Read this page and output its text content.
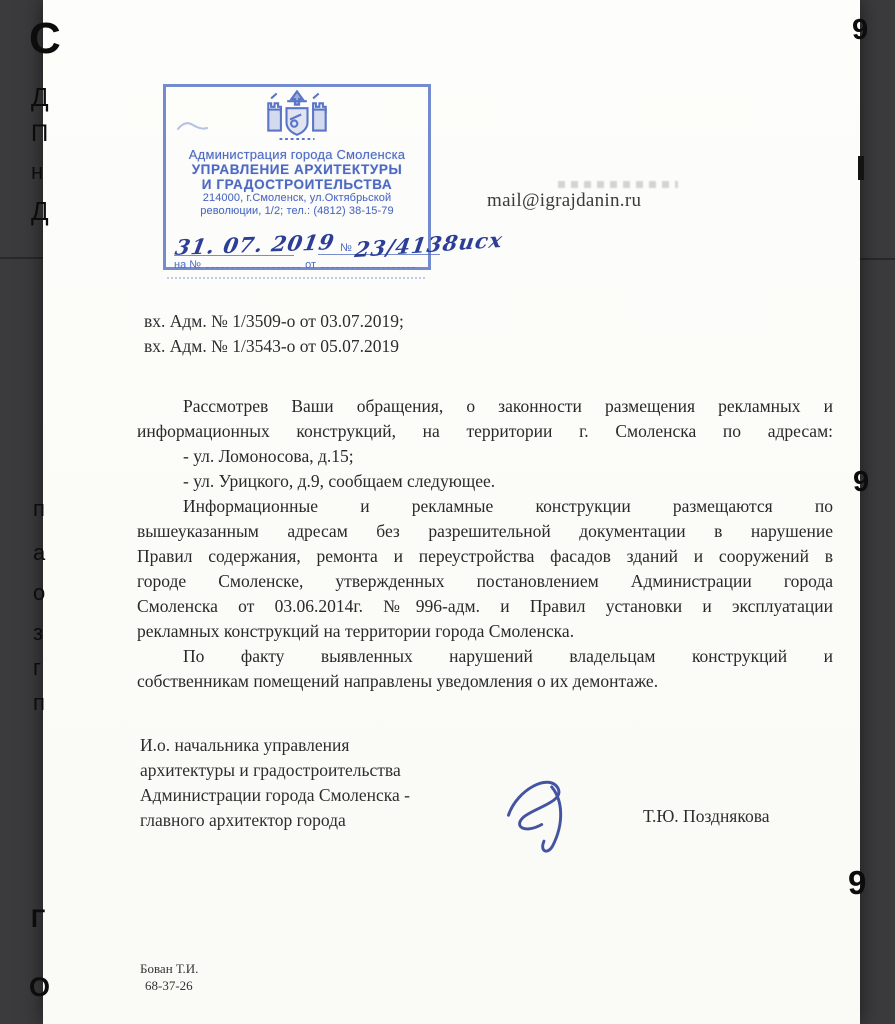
С
Д
П
н
Д
п
а
о
з
г
п
Г
О
9
9
9
Администрация города Смоленска
УПРАВЛЕНИЕ АРХИТЕКТУРЫ
И ГРАДОСТРОИТЕЛЬСТВА
214000, г.Смоленск, ул.Октябрьской
революции, 1/2; тел.: (4812) 38-15-79
31. 07. 2019 № 23/4138исх
на №	от
mail@igrajdanin.ru
вх. Адм. № 1/3509-о от 03.07.2019;
вх. Адм. № 1/3543-о от 05.07.2019
Рассмотрев Ваши обращения, о законности размещения рекламных и
информационных конструкций, на территории г. Смоленска по адресам:
- ул. Ломоносова, д.15;
- ул. Урицкого, д.9, сообщаем следующее.
Информационные и рекламные конструкции размещаются по
вышеуказанным адресам без разрешительной документации в нарушение
Правил содержания, ремонта и переустройства фасадов зданий и сооружений в
городе Смоленске, утвержденных постановлением Администрации города
Смоленска от 03.06.2014г. №996-адм. и Правил установки и эксплуатации
рекламных конструкций на территории города Смоленска.
По факту выявленных нарушений владельцам конструкций и
собственникам помещений направлены уведомления о их демонтаже.
И.о. начальника управления
архитектуры и градостроительства
Администрации города Смоленска -
главного архитектор города	Т.Ю. Позднякова
Бован Т.И.
68-37-26
